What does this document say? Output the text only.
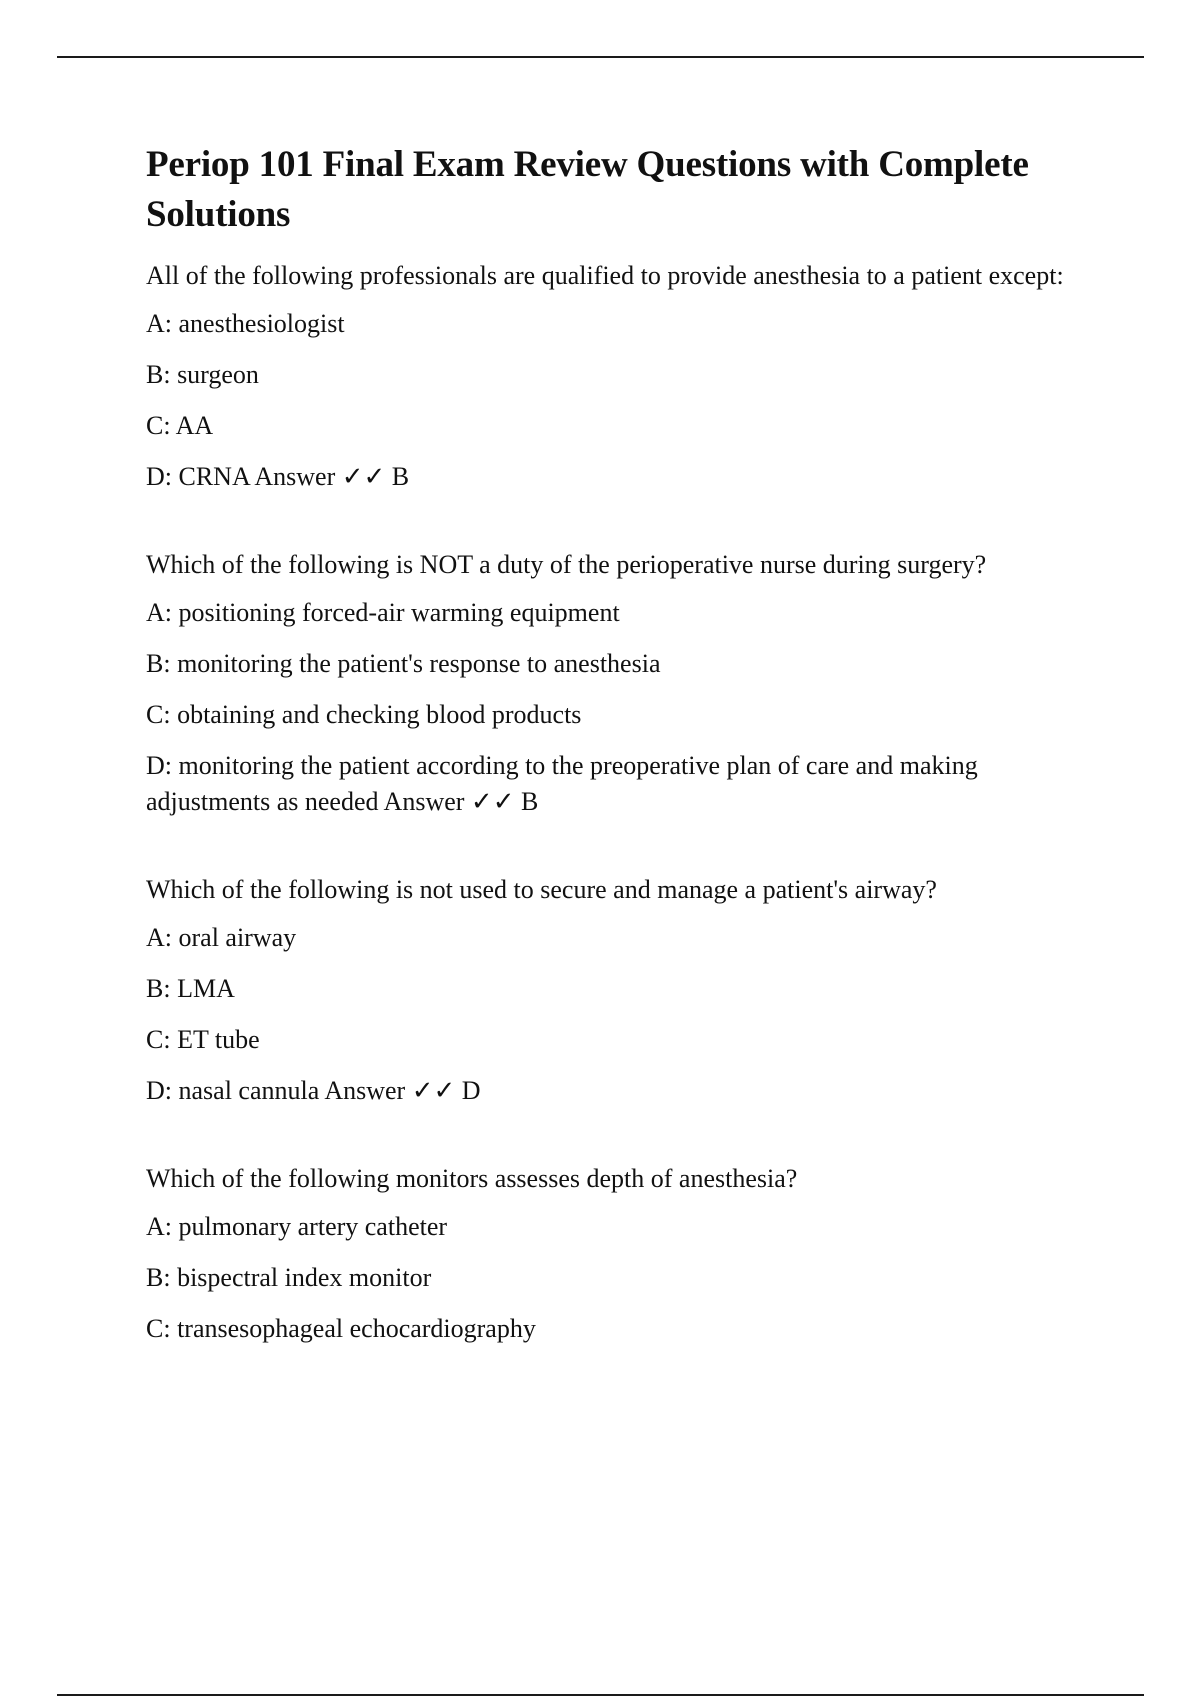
Periop 101 Final Exam Review Questions with Complete Solutions

All of the following professionals are qualified to provide anesthesia to a patient except:

A: anesthesiologist

B: surgeon

C: AA

D: CRNA Answer ✓✓ B

Which of the following is NOT a duty of the perioperative nurse during surgery?

A: positioning forced-air warming equipment

B: monitoring the patient's response to anesthesia

C: obtaining and checking blood products

D: monitoring the patient according to the preoperative plan of care and making adjustments as needed Answer ✓✓ B

Which of the following is not used to secure and manage a patient's airway?

A: oral airway

B: LMA

C: ET tube

D: nasal cannula Answer ✓✓ D

Which of the following monitors assesses depth of anesthesia?

A: pulmonary artery catheter

B: bispectral index monitor

C: transesophageal echocardiography
